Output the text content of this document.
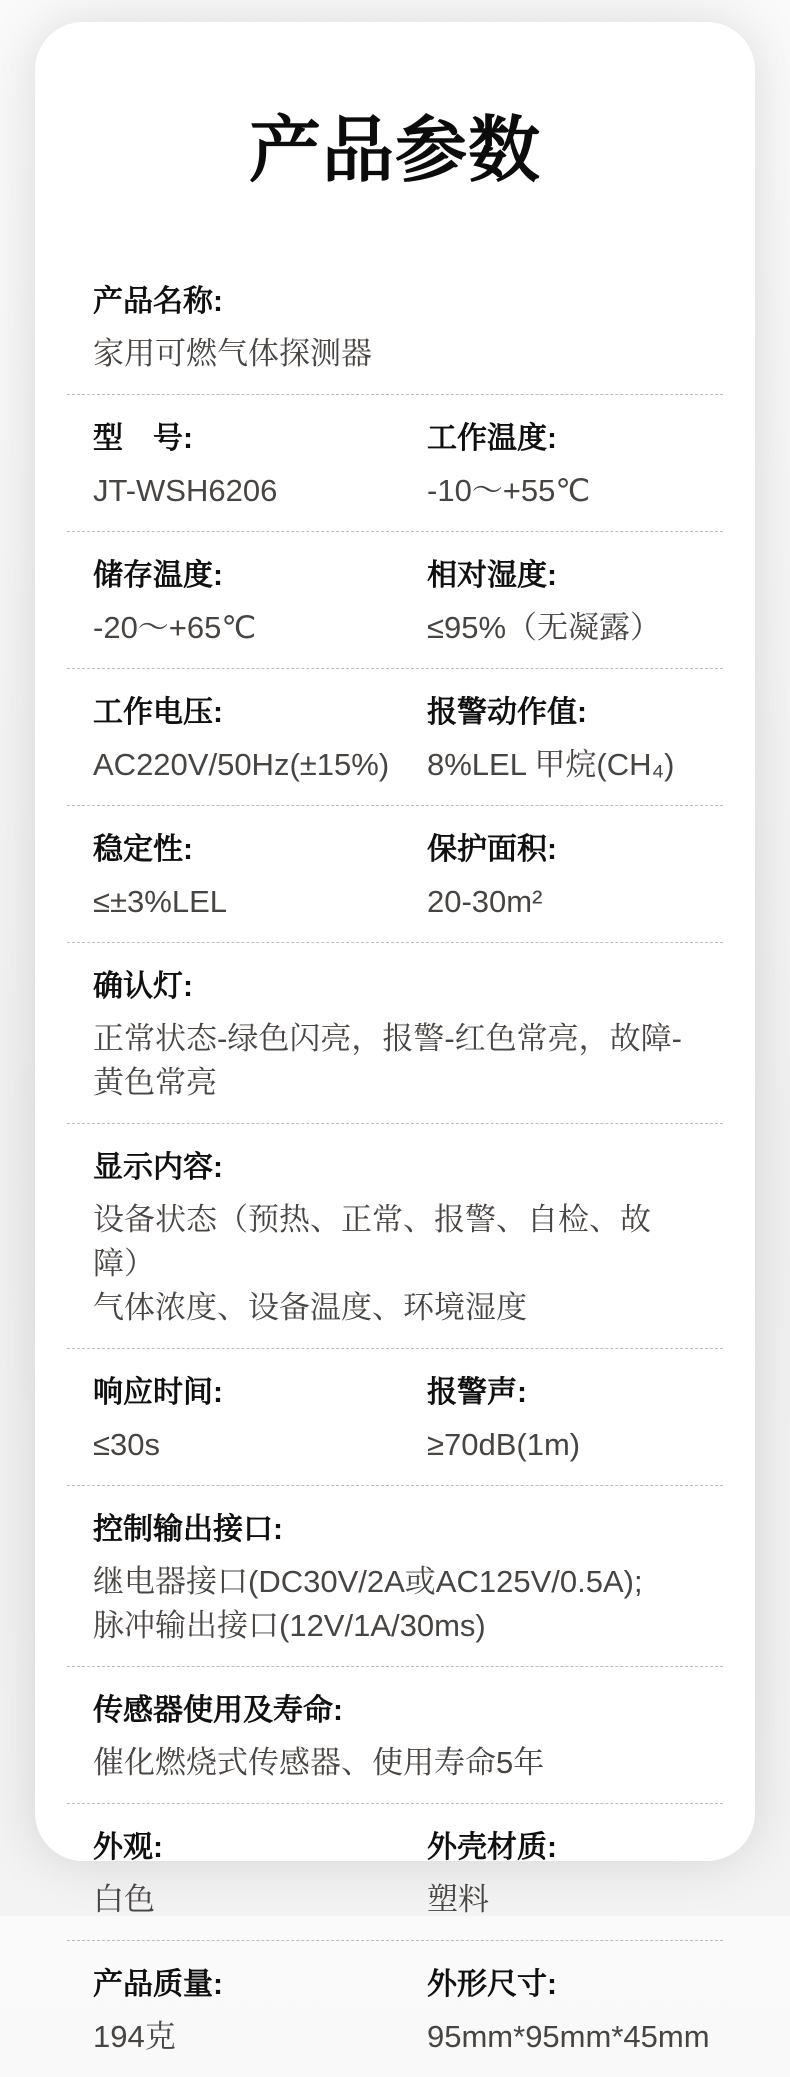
产品参数
产品名称:
家用可燃气体探测器
型　号:
JT-WSH6206
工作温度:
-10～+55℃
储存温度:
-20～+65℃
相对湿度:
≤95%（无凝露）
工作电压:
AC220V/50Hz(±15%)
报警动作值:
8%LEL 甲烷(CH₄)
稳定性:
≤±3%LEL
保护面积:
20-30m²
确认灯:
正常状态-绿色闪亮，报警-红色常亮，故障-黄色常亮
显示内容:
设备状态（预热、正常、报警、自检、故障）
气体浓度、设备温度、环境湿度
响应时间:
≤30s
报警声:
≥70dB(1m)
控制输出接口:
继电器接口(DC30V/2A或AC125V/0.5A);
脉冲输出接口(12V/1A/30ms)
传感器使用及寿命:
催化燃烧式传感器、使用寿命5年
外观:
白色
外壳材质:
塑料
产品质量:
194克
外形尺寸:
95mm*95mm*45mm
